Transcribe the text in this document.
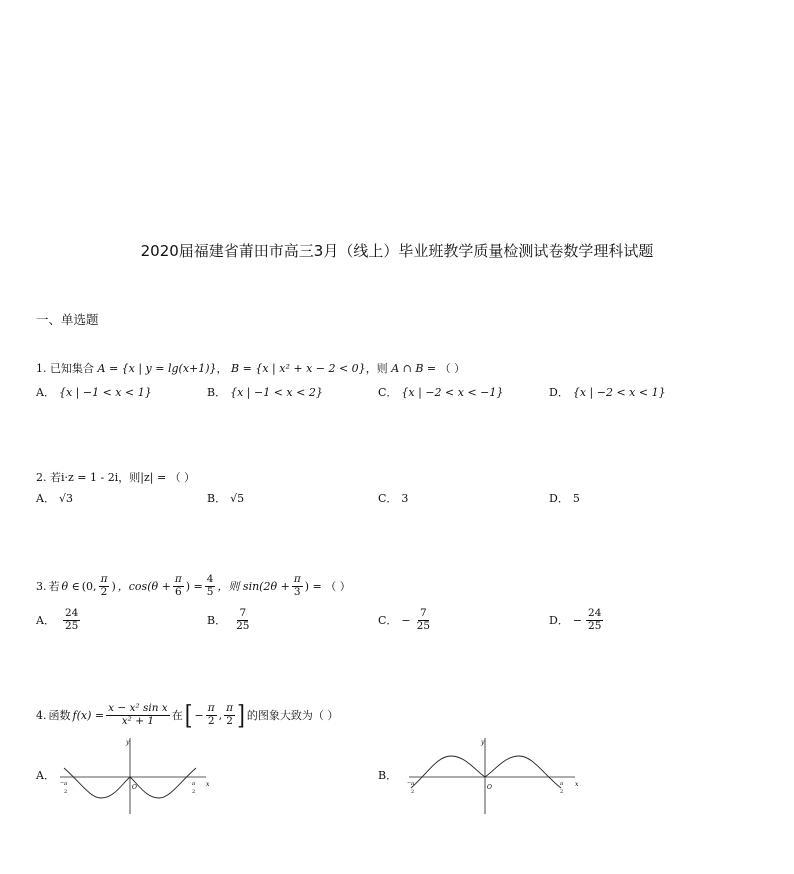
2020届福建省莆田市高三3月（线上）毕业班教学质量检测试卷数学理科试题
一、单选题
1. 已知集合 A = {x | y = lg(x+1)}， B = {x | x² + x − 2 < 0}，则 A ∩ B = （ ）
A． {x | −1 < x < 1}	B． {x | −1 < x < 2}	C． {x | −2 < x < −1}	D． {x | −2 < x < 1}
2. 若i·z = 1 - 2i，则|z| = （ ）
A． √3	B． √5	C． 3	D． 5
3. 若 θ ∈ (0, $\frac{\pi}{2}$ ) ，$\cos(\theta + \frac{\pi}{6}$ ) = $\frac{4}{5}$ ，则 $\sin(2\theta + \frac{\pi}{3}$ ) = （ ）
A． $\frac{24}{25}$	B． $\frac{7}{25}$	C． − $\frac{7}{25}$	D． − $\frac{24}{25}$
4. 函数 $f(x) = \frac{\text{x − x² sin x}}{\text{x² + 1}}$ 在 [ − $\frac{\pi}{2}$ , $\frac{\pi}{2}$ ] 的图象大致为（ ）
A．
y
x
O
− π
2
π
2
B．
y
x
O
− π
2
π
2
